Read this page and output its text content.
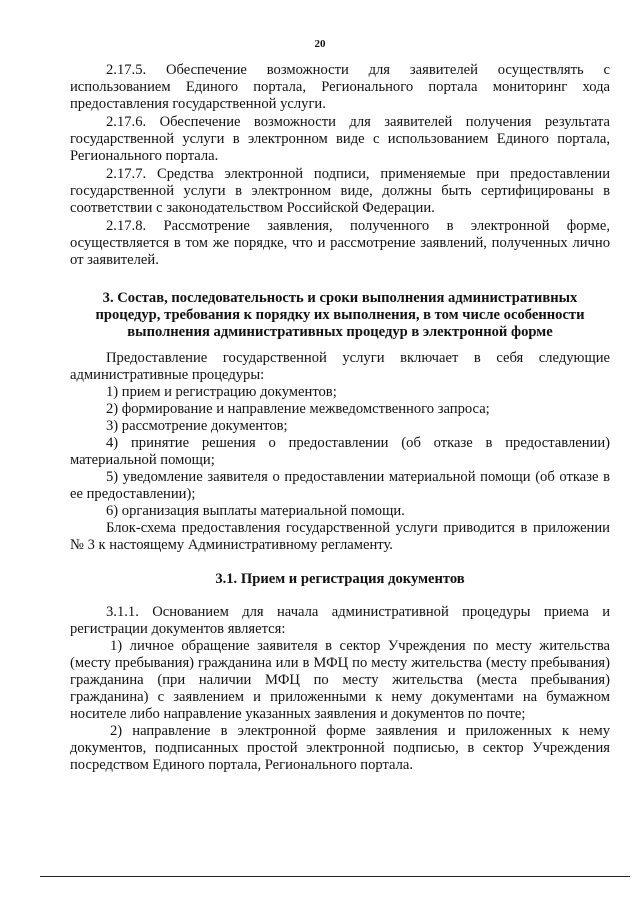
20

2.17.5. Обеспечение возможности для заявителей осуществлять с использованием Единого портала, Регионального портала мониторинг хода предоставления государственной услуги.

2.17.6. Обеспечение возможности для заявителей получения результата государственной услуги в электронном виде с использованием Единого портала, Регионального портала.

2.17.7. Средства электронной подписи, применяемые при предоставлении государственной услуги в электронном виде, должны быть сертифицированы в соответствии с законодательством Российской Федерации.

2.17.8. Рассмотрение заявления, полученного в электронной форме, осуществляется в том же порядке, что и рассмотрение заявлений, полученных лично от заявителей.

3. Состав, последовательность и сроки выполнения административных процедур, требования к порядку их выполнения, в том числе особенности выполнения административных процедур в электронной форме

Предоставление государственной услуги включает в себя следующие административные процедуры:

1) прием и регистрацию документов;

2) формирование и направление межведомственного запроса;

3) рассмотрение документов;

4) принятие решения о предоставлении (об отказе в предоставлении) материальной помощи;

5) уведомление заявителя о предоставлении материальной помощи (об отказе в ее предоставлении);

6) организация выплаты материальной помощи.

Блок-схема предоставления государственной услуги приводится в приложении № 3 к настоящему Административному регламенту.

3.1. Прием и регистрация документов

3.1.1. Основанием для начала административной процедуры приема и регистрации документов является:

1) личное обращение заявителя в сектор Учреждения по месту жительства (месту пребывания) гражданина или в МФЦ по месту жительства (месту пребывания) гражданина (при наличии МФЦ по месту жительства (места пребывания) гражданина) с заявлением и приложенными к нему документами на бумажном носителе либо направление указанных заявления и документов по почте;

2) направление в электронной форме заявления и приложенных к нему документов, подписанных простой электронной подписью, в сектор Учреждения посредством Единого портала, Регионального портала.
